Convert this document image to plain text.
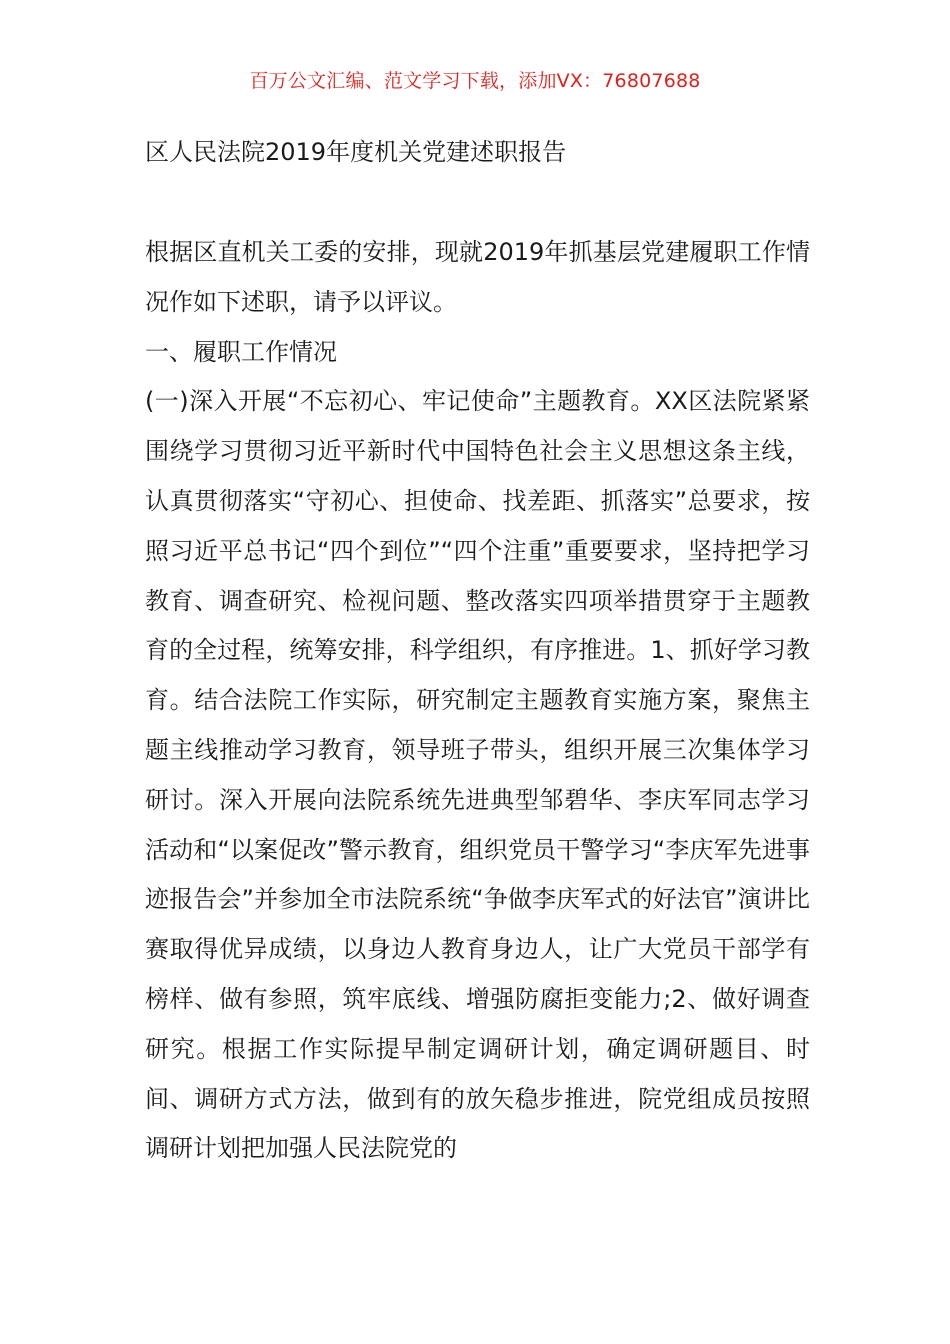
百万公文汇编、范文学习下载，添加VX：76807688
区人民法院2019年度机关党建述职报告

根据区直机关工委的安排，现就2019年抓基层党建履职工作情况作如下述职，请予以评议。

一、履职工作情况

(一)深入开展“不忘初心、牢记使命”主题教育。XX区法院紧紧围绕学习贯彻习近平新时代中国特色社会主义思想这条主线，认真贯彻落实“守初心、担使命、找差距、抓落实”总要求，按照习近平总书记“四个到位”“四个注重”重要要求，坚持把学习教育、调查研究、检视问题、整改落实四项举措贯穿于主题教育的全过程，统筹安排，科学组织，有序推进。1、抓好学习教育。结合法院工作实际，研究制定主题教育实施方案，聚焦主题主线推动学习教育，领导班子带头，组织开展三次集体学习研讨。深入开展向法院系统先进典型邹碧华、李庆军同志学习活动和“以案促改”警示教育，组织党员干警学习“李庆军先进事迹报告会”并参加全市法院系统“争做李庆军式的好法官”演讲比赛取得优异成绩，以身边人教育身边人，让广大党员干部学有榜样、做有参照，筑牢底线、增强防腐拒变能力;2、做好调查研究。根据工作实际提早制定调研计划，确定调研题目、时间、调研方式方法，做到有的放矢稳步推进，院党组成员按照调研计划把加强人民法院党的
